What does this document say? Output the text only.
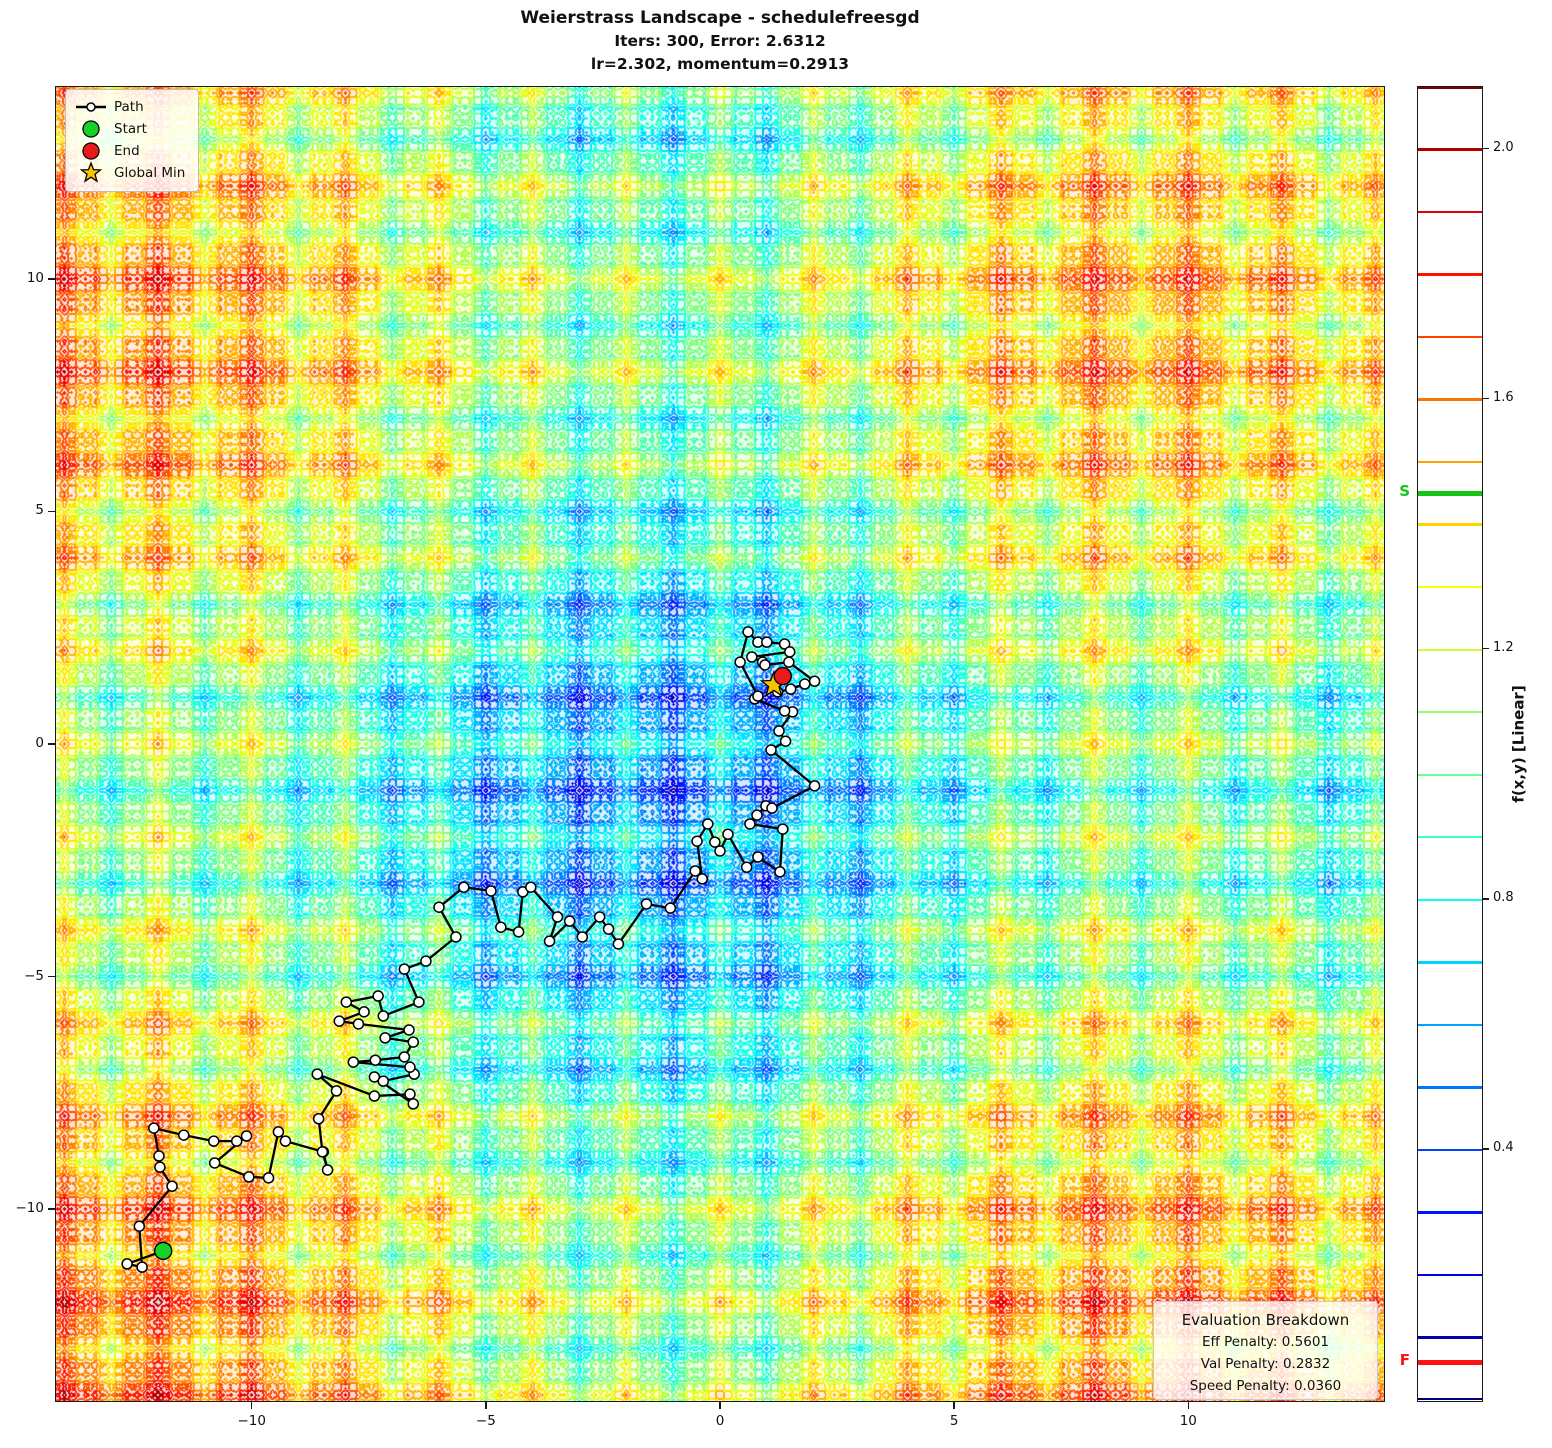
Weierstrass Landscape - schedulefreesgd
Iters: 300, Error: 2.6312
lr=2.302, momentum=0.2913
−10	−5	0	5	10
10
5
0
−5
−10
Path
Start
End
Global Min
Evaluation Breakdown
Eff Penalty: 0.5601
Val Penalty: 0.2832
Speed Penalty: 0.0360
2.0
1.6
1.2
0.8
0.4
S
F
f(x,y) [Linear]
